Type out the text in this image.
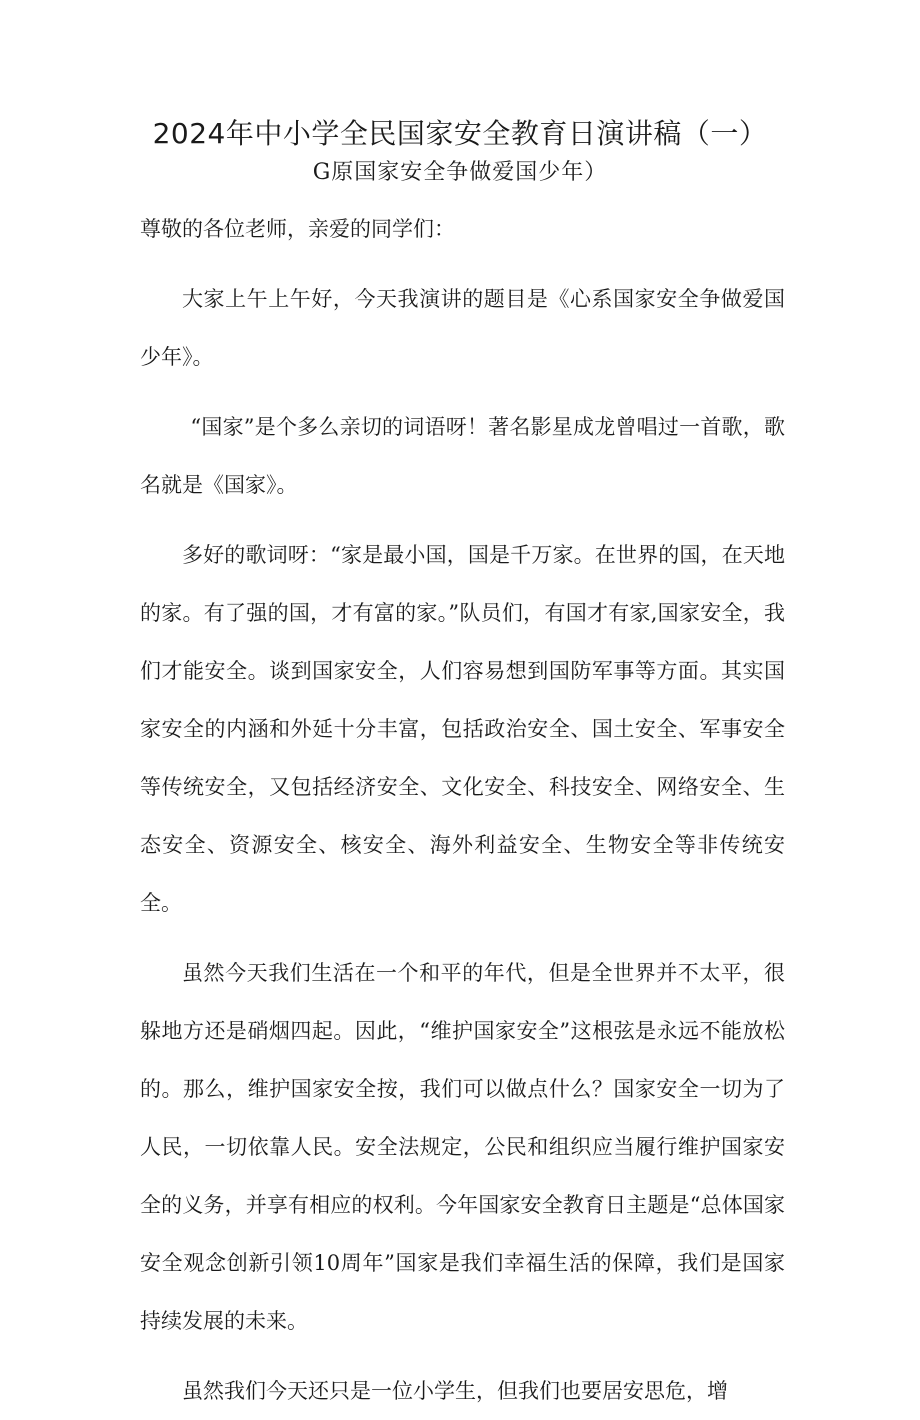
2024年中小学全民国家安全教育日演讲稿（一）
G原国家安全争做爱国少年）

尊敬的各位老师，亲爱的同学们：

大家上午上午好，今天我演讲的题目是《心系国家安全争做爱国少年》。

“国家”是个多么亲切的词语呀！著名影星成龙曾唱过一首歌，歌名就是《国家》。

多好的歌词呀：“家是最小国，国是千万家。在世界的国，在天地的家。有了强的国，才有富的家。”队员们，有国才有家,国家安全，我们才能安全。谈到国家安全，人们容易想到国防军事等方面。其实国家安全的内涵和外延十分丰富，包括政治安全、国土安全、军事安全等传统安全，又包括经济安全、文化安全、科技安全、网络安全、生态安全、资源安全、核安全、海外利益安全、生物安全等非传统安全。

虽然今天我们生活在一个和平的年代，但是全世界并不太平，很躲地方还是硝烟四起。因此，“维护国家安全”这根弦是永远不能放松的。那么，维护国家安全按，我们可以做点什么？国家安全一切为了人民，一切依靠人民。安全法规定，公民和组织应当履行维护国家安全的义务，并享有相应的权利。今年国家安全教育日主题是“总体国家安全观念创新引领10周年”国家是我们幸福生活的保障，我们是国家持续发展的未来。

虽然我们今天还只是一位小学生，但我们也要居安思危，增
